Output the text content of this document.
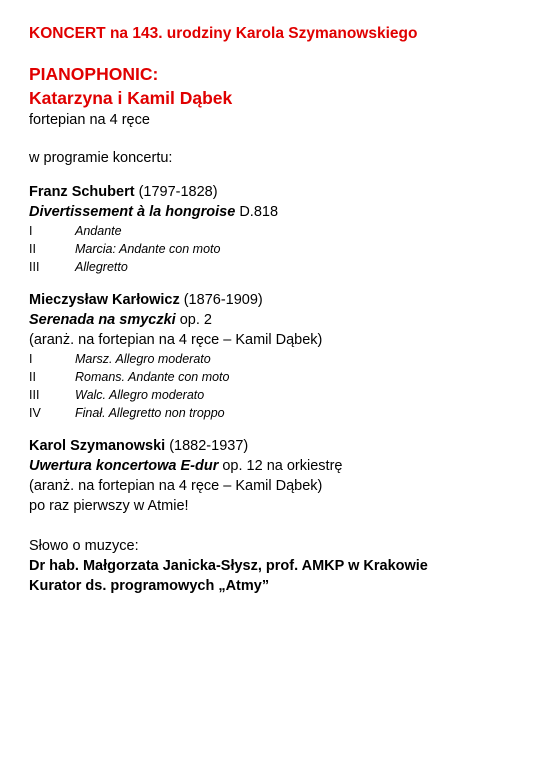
KONCERT na 143. urodziny Karola Szymanowskiego
PIANOPHONIC:
Katarzyna i Kamil Dąbek
fortepian na 4 ręce
w programie koncertu:
Franz Schubert (1797-1828)
Divertissement à la hongroise D.818
I	Andante
II	Marcia: Andante con moto
III	Allegretto
Mieczysław Karłowicz (1876-1909)
Serenada na smyczki op. 2
(aranż. na fortepian na 4 ręce – Kamil Dąbek)
I	Marsz. Allegro moderato
II	Romans. Andante con moto
III	Walc. Allegro moderato
IV	Finał. Allegretto non troppo
Karol Szymanowski (1882-1937)
Uwertura koncertowa E-dur op. 12 na orkiestrę
(aranż. na fortepian na 4 ręce – Kamil Dąbek)
po raz pierwszy w Atmie!
Słowo o muzyce:
Dr hab. Małgorzata Janicka-Słysz, prof. AMKP w Krakowie
Kurator ds. programowych „Atmy”
